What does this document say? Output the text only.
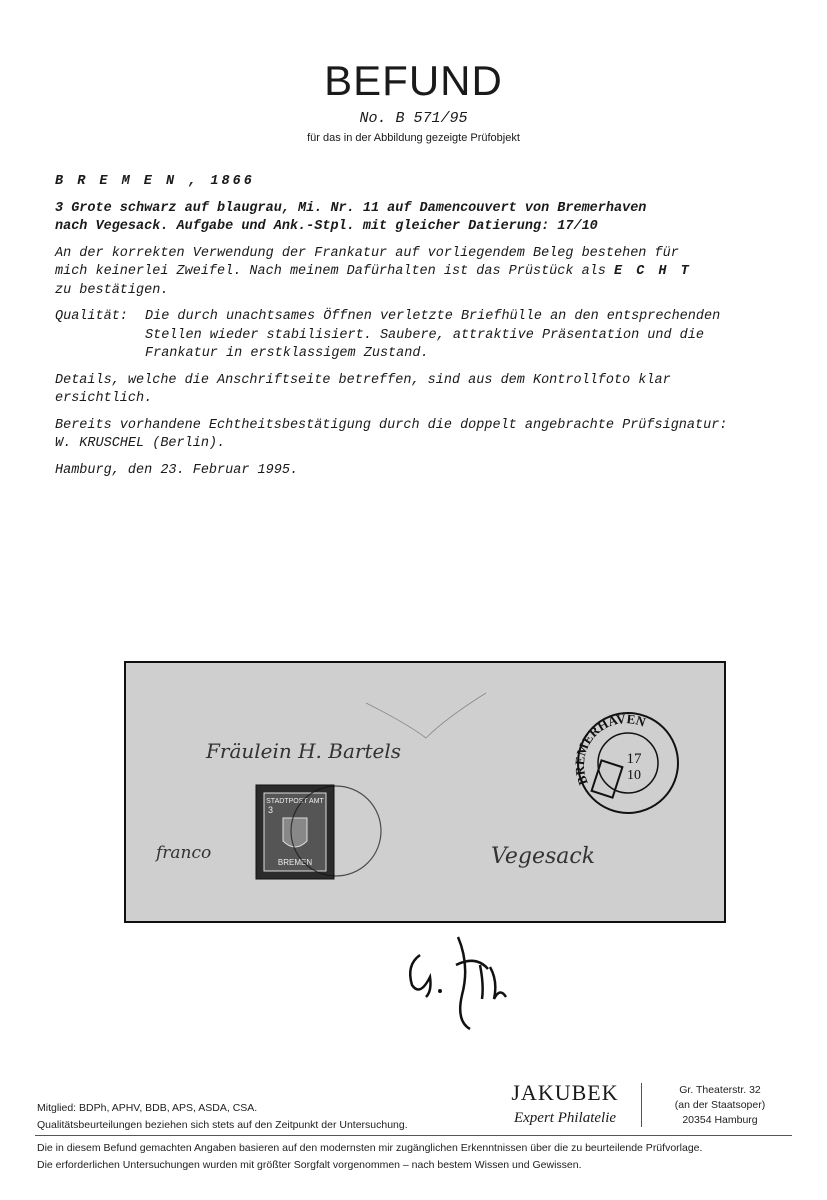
BEFUND
No. B 571/95
für das in der Abbildung gezeigte Prüfobjekt

B R E M E N , 1866

3 Grote schwarz auf blaugrau, Mi. Nr. 11 auf Damencouvert von Bremerhaven
nach Vegesack. Aufgabe und Ank.-Stpl. mit gleicher Datierung: 17/10

An der korrekten Verwendung der Frankatur auf vorliegendem Beleg bestehen für
mich keinerlei Zweifel. Nach meinem Dafürhalten ist das Prüstück als E C H T
zu bestätigen.

Qualität:	Die durch unachtsames Öffnen verletzte Briefhülle an den entsprechenden
Stellen wieder stabilisiert. Saubere, attraktive Präsentation und die
Frankatur in erstklassigem Zustand.

Details, welche die Anschriftseite betreffen, sind aus dem Kontrollfoto klar
ersichtlich.

Bereits vorhandene Echtheitsbestätigung durch die doppelt angebrachte Prüfsignatur:
W. KRUSCHEL (Berlin).

Hamburg, den 23. Februar 1995.

BREMERHAVEN
17
10
Fräulein H. Bartels
franco	Vegesack
STADTPOST AMT
BREMEN
3
JAKUBEK
Expert Philatelie
Gr. Theaterstr. 32
(an der Staatsoper)
20354 Hamburg
Mitglied: BDPh, APHV, BDB, APS, ASDA, CSA.
Qualitätsbeurteilungen beziehen sich stets auf den Zeitpunkt der Untersuchung.
Die in diesem Befund gemachten Angaben basieren auf den modernsten mir zugänglichen Erkenntnissen über die zu beurteilende Prüfvorlage.
Die erforderlichen Untersuchungen wurden mit größter Sorgfalt vorgenommen – nach bestem Wissen und Gewissen.
